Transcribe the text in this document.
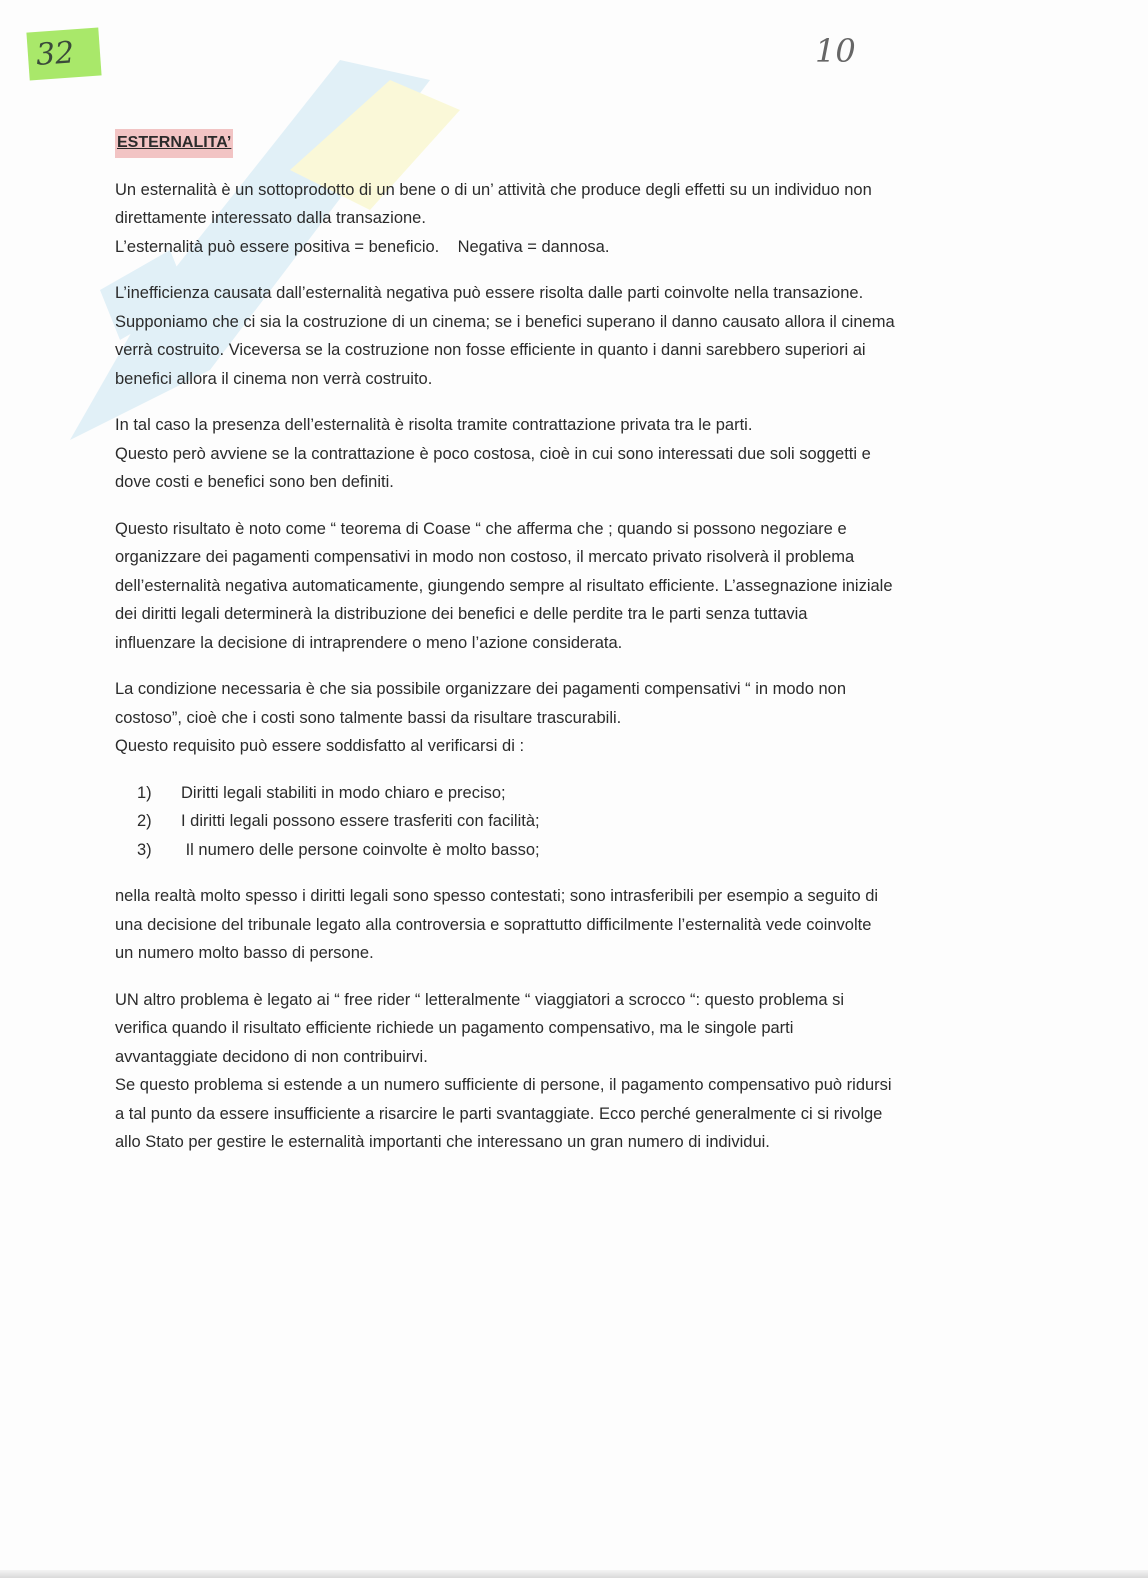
32	10
ESTERNALITA’

Un esternalità è un sottoprodotto di un bene o di un’ attività che produce degli effetti su un individuo non
direttamente interessato dalla transazione.
L’esternalità può essere positiva = beneficio.    Negativa = dannosa.

L’inefficienza causata dall’esternalità negativa può essere risolta dalle parti coinvolte nella transazione.
Supponiamo che ci sia la costruzione di un cinema; se i benefici superano il danno causato allora il cinema
verrà costruito. Viceversa se la costruzione non fosse efficiente in quanto i danni sarebbero superiori ai
benefici allora il cinema non verrà costruito.

In tal caso la presenza dell’esternalità è risolta tramite contrattazione privata tra le parti.
Questo però avviene se la contrattazione è poco costosa, cioè in cui sono interessati due soli soggetti e
dove costi e benefici sono ben definiti.

Questo risultato è noto come “ teorema di Coase “ che afferma che ; quando si possono negoziare e
organizzare dei pagamenti compensativi in modo non costoso, il mercato privato risolverà il problema
dell’esternalità negativa automaticamente, giungendo sempre al risultato efficiente. L’assegnazione iniziale
dei diritti legali determinerà la distribuzione dei benefici e delle perdite tra le parti senza tuttavia
influenzare la decisione di intraprendere o meno l’azione considerata.

La condizione necessaria è che sia possibile organizzare dei pagamenti compensativi “ in modo non
costoso”, cioè che i costi sono talmente bassi da risultare trascurabili.
Questo requisito può essere soddisfatto al verificarsi di :

1) Diritti legali stabiliti in modo chiaro e preciso;
2) I diritti legali possono essere trasferiti con facilità;
3) Il numero delle persone coinvolte è molto basso;

nella realtà molto spesso i diritti legali sono spesso contestati; sono intrasferibili per esempio a seguito di
una decisione del tribunale legato alla controversia e soprattutto difficilmente l’esternalità vede coinvolte
un numero molto basso di persone.

UN altro problema è legato ai “ free rider “ letteralmente “ viaggiatori a scrocco “: questo problema si
verifica quando il risultato efficiente richiede un pagamento compensativo, ma le singole parti
avvantaggiate decidono di non contribuirvi.
Se questo problema si estende a un numero sufficiente di persone, il pagamento compensativo può ridursi
a tal punto da essere insufficiente a risarcire le parti svantaggiate. Ecco perché generalmente ci si rivolge
allo Stato per gestire le esternalità importanti che interessano un gran numero di individui.
